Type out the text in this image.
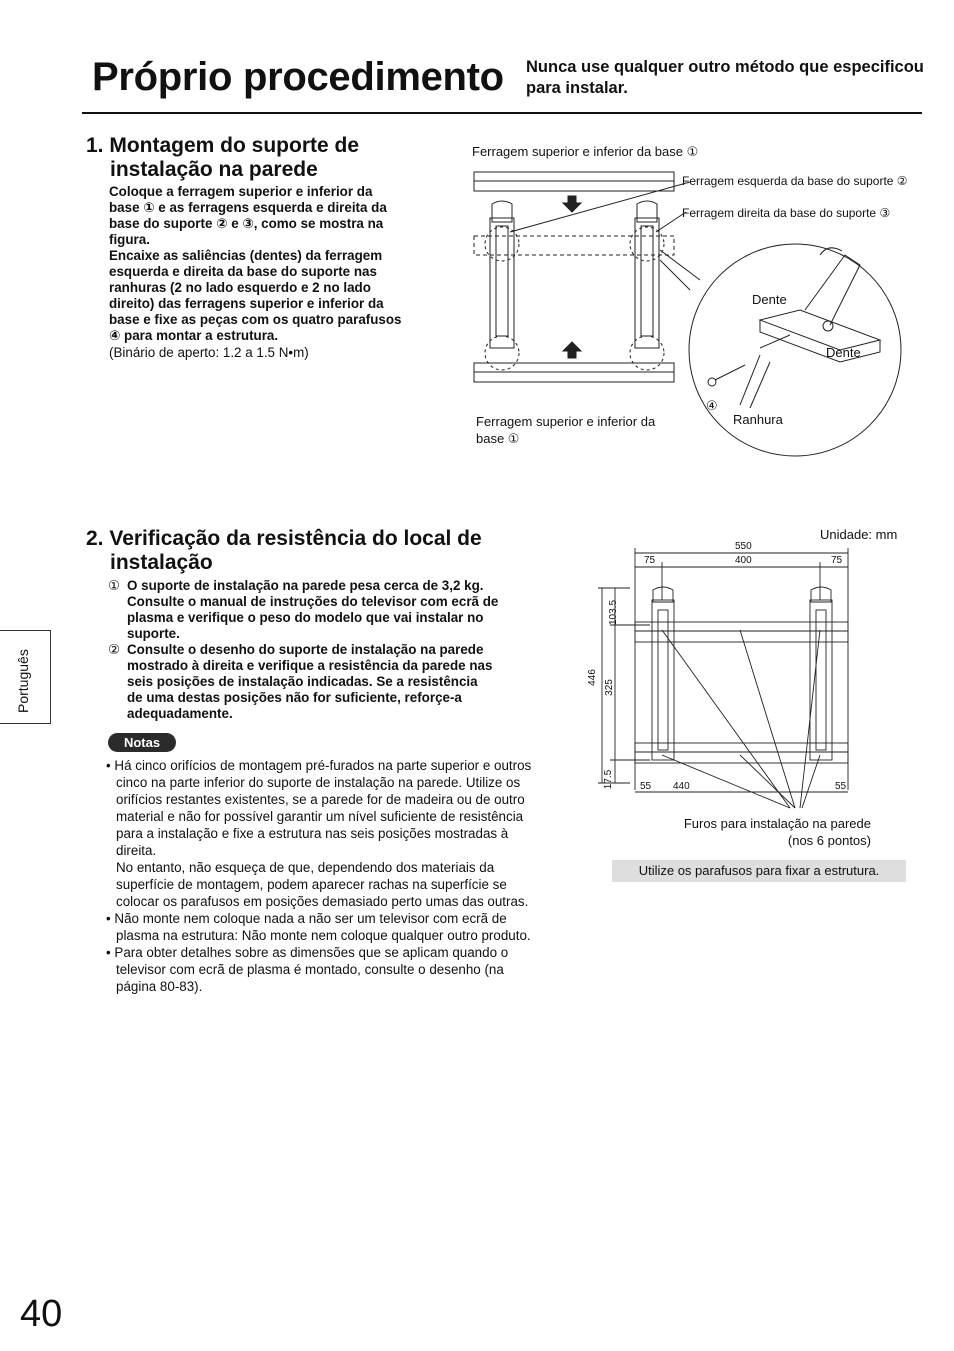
Próprio procedimento Nunca use qualquer outro método que especificou para instalar.
Português
1. Montagem do suporte de
instalação na parede
Coloque a ferragem superior e inferior da
base ① e as ferragens esquerda e direita da
base do suporte ② e ③, como se mostra na
figura.
Encaixe as saliências (dentes) da ferragem
esquerda e direita da base do suporte nas
ranhuras (2 no lado esquerdo e 2 no lado
direito) das ferragens superior e inferior da
base e fixe as peças com os quatro parafusos
④ para montar a estrutura.
(Binário de aperto: 1.2 a 1.5 N•m)
Ferragem superior e inferior da base ①
Ferragem esquerda da base do suporte ②
Ferragem direita da base do suporte ③
Ferragem superior e inferior da
base ①
Dente
Dente
④
Ranhura
2. Verificação da resistência do local de
instalação
① O suporte de instalação na parede pesa cerca de 3,2 kg.
Consulte o manual de instruções do televisor com ecrã de
plasma e verifique o peso do modelo que vai instalar no
suporte.
② Consulte o desenho do suporte de instalação na parede
mostrado à direita e verifique a resistência da parede nas
seis posições de instalação indicadas. Se a resistência
de uma destas posições não for suficiente, reforçe-a
adequadamente.
Notas

• Há cinco orifícios de montagem pré-furados na parte superior e outros cinco na parte inferior do suporte de instalação na parede. Utilize os orifícios restantes existentes, se a parede for de madeira ou de outro material e não for possível garantir um nível suficiente de resistência para a instalação e fixe a estrutura nas seis posições mostradas à direita.

No entanto, não esqueça de que, dependendo dos materiais da superfície de montagem, podem aparecer rachas na superfície se colocar os parafusos em posições demasiado perto umas das outras.

• Não monte nem coloque nada a não ser um televisor com ecrã de plasma na estrutura: Não monte nem coloque qualquer outro produto.

• Para obter detalhes sobre as dimensões que se aplicam quando o televisor com ecrã de plasma é montado, consulte o desenho (na página 80-83).

Unidade: mm
550
75	400	75
103.5
446
325
17.5	55 440	55
Furos para instalação na parede
(nos 6 pontos)
Utilize os parafusos para fixar a estrutura.
40
